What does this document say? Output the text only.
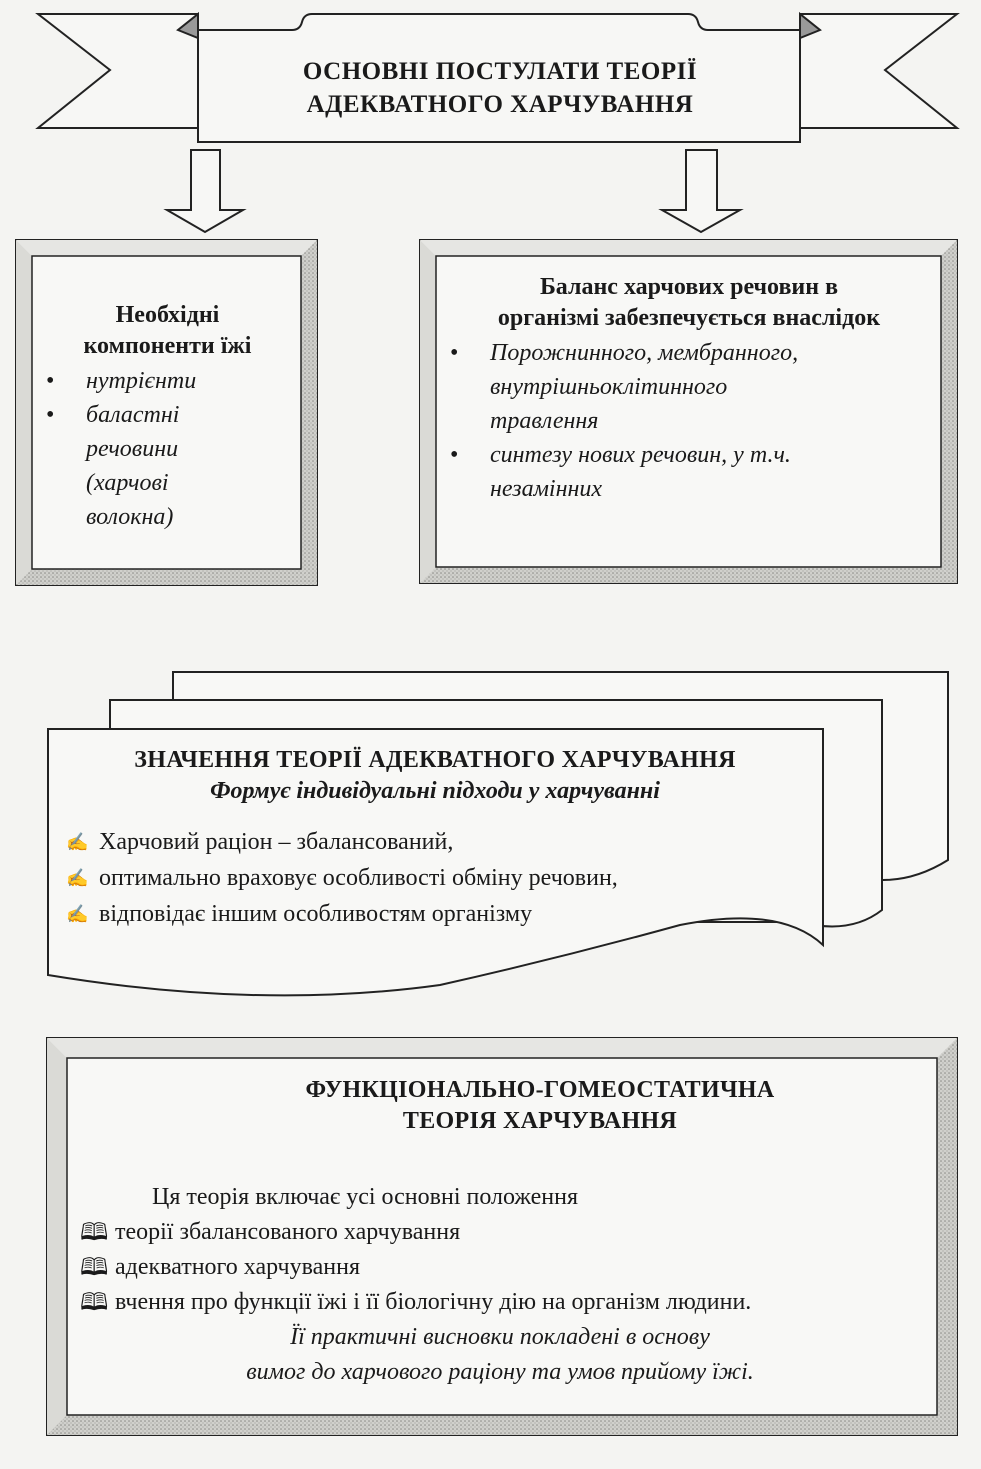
ОСНОВНІ ПОСТУЛАТИ ТЕОРІЇ
АДЕКВАТНОГО ХАРЧУВАННЯ
Необхідні
компоненти їжі
• нутрієнти
• баластні
речовини
(харчові
волокна)
Баланс харчових речовин в
організмі забезпечується внаслідок
• Порожнинного, мембранного,
внутрішньоклітинного
травлення
• синтезу нових речовин, у т.ч.
незамінних
ЗНАЧЕННЯ ТЕОРІЇ АДЕКВАТНОГО ХАРЧУВАННЯ
Формує індивідуальні підходи у харчуванні
✍ Харчовий раціон – збалансований,
✍ оптимально враховує особливості обміну речовин,
✍ відповідає іншим особливостям організму
ФУНКЦІОНАЛЬНО-ГОМЕОСТАТИЧНА
ТЕОРІЯ ХАРЧУВАННЯ
Ця теорія включає усі основні положення
🕮 теорії збалансованого харчування
🕮 адекватного харчування
🕮 вчення про функції їжі і її біологічну дію на організм людини.
Її практичні висновки покладені в основу
вимог до харчового раціону та умов прийому їжі.
